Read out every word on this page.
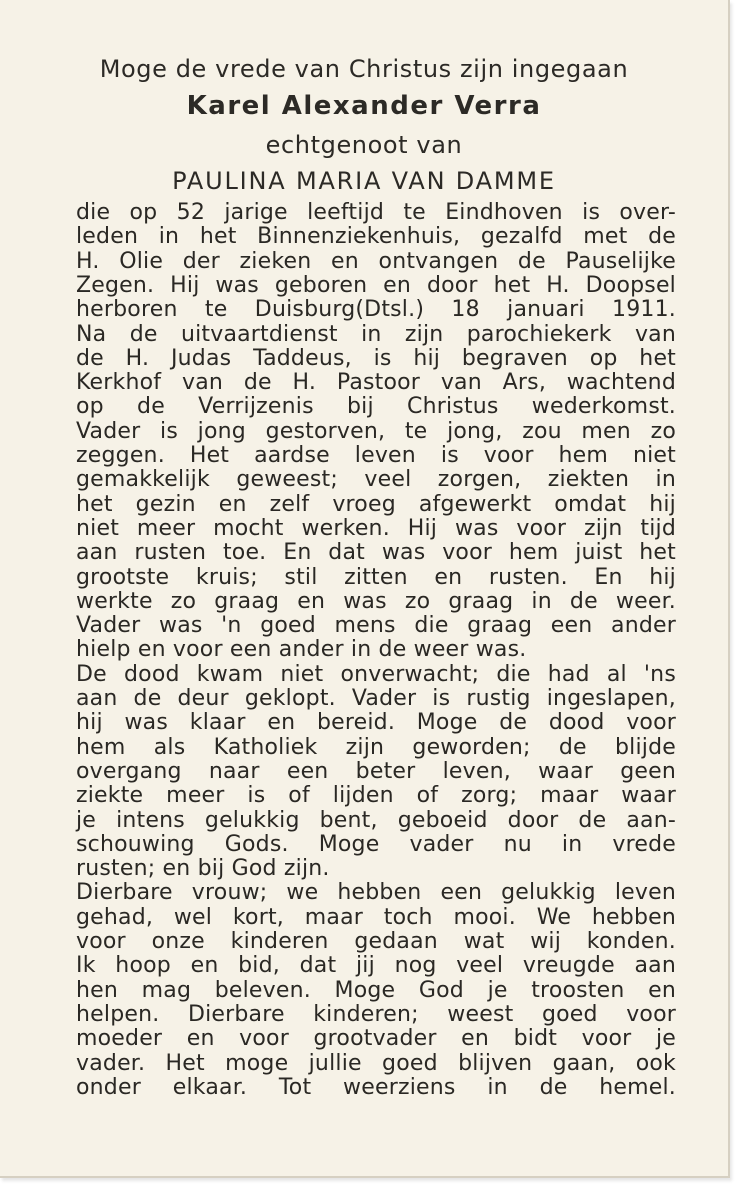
Moge de vrede van Christus zijn ingegaan
Karel Alexander Verra
echtgenoot van
PAULINA MARIA VAN DAMME
die op 52 jarige leeftijd te Eindhoven is over-
leden in het Binnenziekenhuis, gezalfd met de
H. Olie der zieken en ontvangen de Pauselijke
Zegen. Hij was geboren en door het H. Doopsel
herboren te Duisburg(Dtsl.) 18 januari 1911.
Na de uitvaartdienst in zijn parochiekerk van
de H. Judas Taddeus, is hij begraven op het
Kerkhof van de H. Pastoor van Ars, wachtend
op de Verrijzenis bij Christus wederkomst.
Vader is jong gestorven, te jong, zou men zo
zeggen. Het aardse leven is voor hem niet
gemakkelijk geweest; veel zorgen, ziekten in
het gezin en zelf vroeg afgewerkt omdat hij
niet meer mocht werken. Hij was voor zijn tijd
aan rusten toe. En dat was voor hem juist het
grootste kruis; stil zitten en rusten. En hij
werkte zo graag en was zo graag in de weer.
Vader was 'n goed mens die graag een ander
hielp en voor een ander in de weer was.
De dood kwam niet onverwacht; die had al 'ns
aan de deur geklopt. Vader is rustig ingeslapen,
hij was klaar en bereid. Moge de dood voor
hem als Katholiek zijn geworden; de blijde
overgang naar een beter leven, waar geen
ziekte meer is of lijden of zorg; maar waar
je intens gelukkig bent, geboeid door de aan-
schouwing Gods. Moge vader nu in vrede
rusten; en bij God zijn.
Dierbare vrouw; we hebben een gelukkig leven
gehad, wel kort, maar toch mooi. We hebben
voor onze kinderen gedaan wat wij konden.
Ik hoop en bid, dat jij nog veel vreugde aan
hen mag beleven. Moge God je troosten en
helpen. Dierbare kinderen; weest goed voor
moeder en voor grootvader en bidt voor je
vader. Het moge jullie goed blijven gaan, ook
onder elkaar. Tot weerziens in de hemel.
